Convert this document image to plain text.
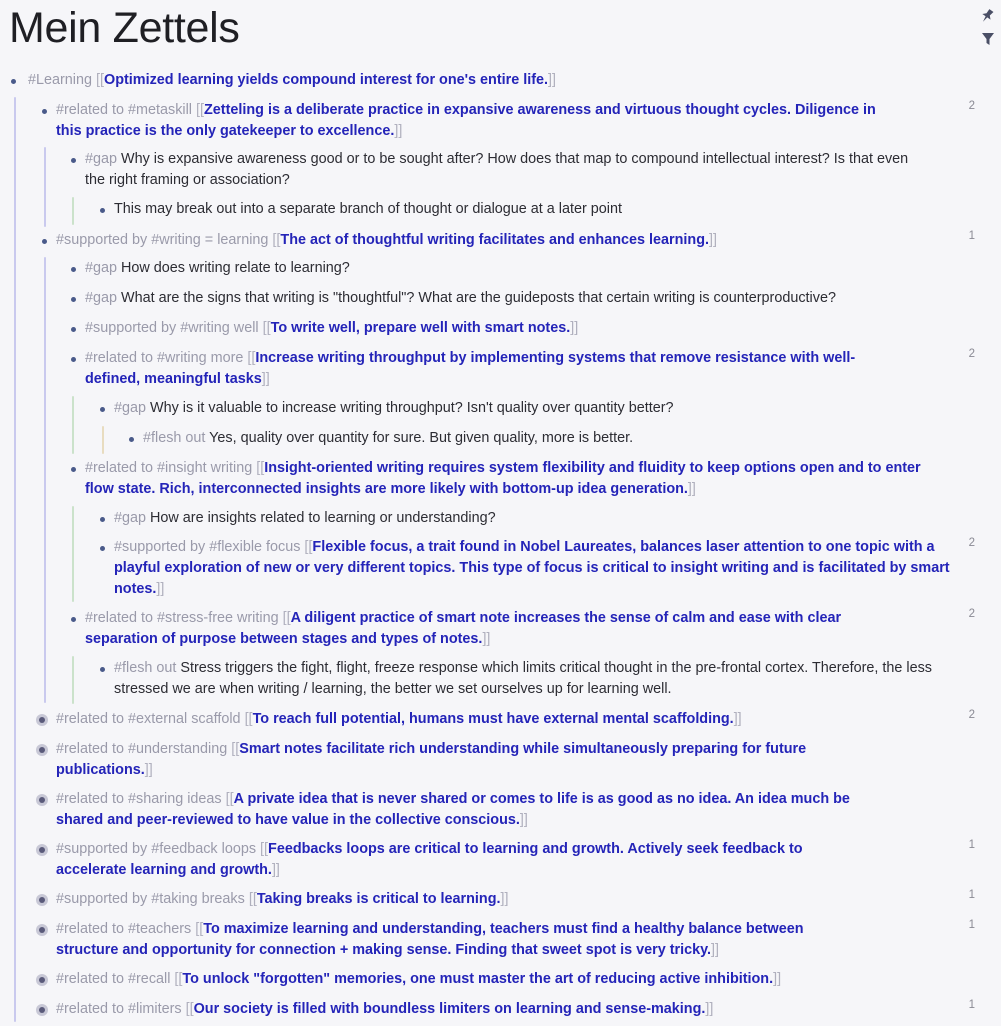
Mein Zettels
#Learning [[Optimized learning yields compound interest for one's entire life.]]
#related to #metaskill [[Zetteling is a deliberate practice in expansive awareness and virtuous thought cycles. Diligence in this practice is the only gatekeeper to excellence.]]
2
#gap Why is expansive awareness good or to be sought after? How does that map to compound intellectual interest? Is that even the right framing or association?
This may break out into a separate branch of thought or dialogue at a later point
#supported by #writing = learning [[The act of thoughtful writing facilitates and enhances learning.]]	1
#gap How does writing relate to learning?
#gap What are the signs that writing is "thoughtful"? What are the guideposts that certain writing is counterproductive?
#supported by #writing well [[To write well, prepare well with smart notes.]]
#related to #writing more [[Increase writing throughput by implementing systems that remove resistance with well-defined, meaningful tasks]]
2
#gap Why is it valuable to increase writing throughput? Isn't quality over quantity better?
#flesh out Yes, quality over quantity for sure. But given quality, more is better.
#related to #insight writing [[Insight-oriented writing requires system flexibility and fluidity to keep options open and to enter flow state. Rich, interconnected insights are more likely with bottom-up idea generation.]]
#gap How are insights related to learning or understanding?
#supported by #flexible focus [[Flexible focus, a trait found in Nobel Laureates, balances laser attention to one topic with a playful exploration of new or very different topics. This type of focus is critical to insight writing and is facilitated by smart notes.]]
2
#related to #stress-free writing [[A diligent practice of smart note increases the sense of calm and ease with clear separation of purpose between stages and types of notes.]]
2
#flesh out Stress triggers the fight, flight, freeze response which limits critical thought in the pre-frontal cortex. Therefore, the less stressed we are when writing / learning, the better we set ourselves up for learning well.
#related to #external scaffold [[To reach full potential, humans must have external mental scaffolding.]]	2
#related to #understanding [[Smart notes facilitate rich understanding while simultaneously preparing for future publications.]]
#related to #sharing ideas [[A private idea that is never shared or comes to life is as good as no idea. An idea much be shared and peer-reviewed to have value in the collective conscious.]]
#supported by #feedback loops [[Feedbacks loops are critical to learning and growth. Actively seek feedback to accelerate learning and growth.]]
1
#supported by #taking breaks [[Taking breaks is critical to learning.]]	1
#related to #teachers [[To maximize learning and understanding, teachers must find a healthy balance between structure and opportunity for connection + making sense. Finding that sweet spot is very tricky.]]
1
#related to #recall [[To unlock "forgotten" memories, one must master the art of reducing active inhibition.]]
#related to #limiters [[Our society is filled with boundless limiters on learning and sense-making.]]	1
